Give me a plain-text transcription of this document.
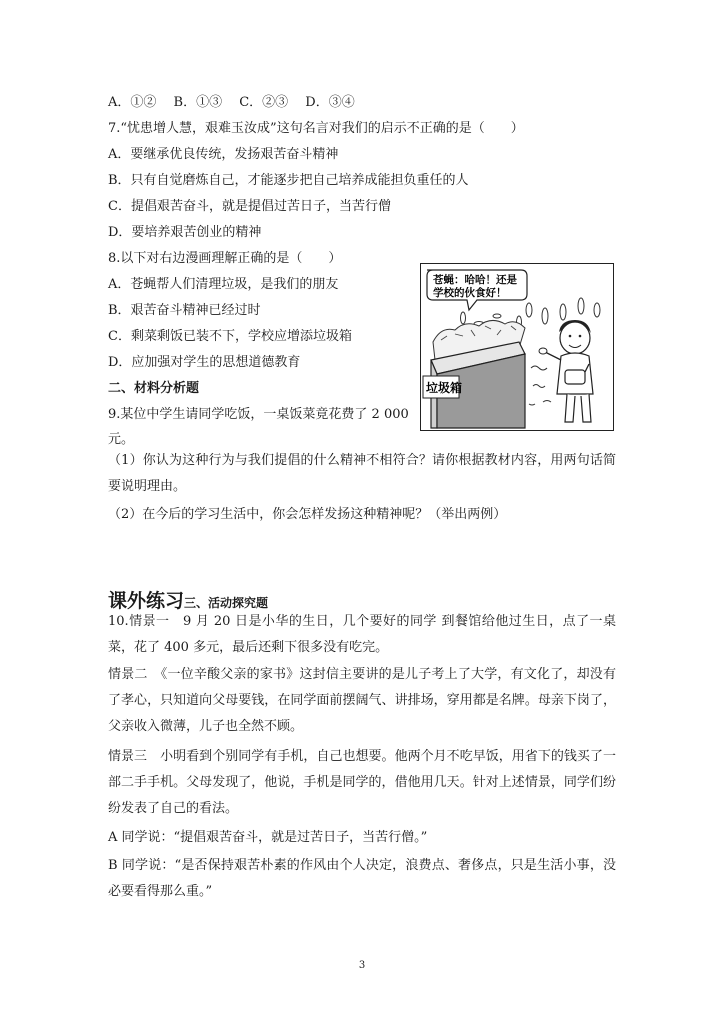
A．①②　 B．①③　 C．②③　 D．③④
7.“忧患增人慧，艰难玉汝成”这句名言对我们的启示不正确的是（　　）
A．要继承优良传统，发扬艰苦奋斗精神
B．只有自觉磨炼自己，才能逐步把自己培养成能担负重任的人
C．提倡艰苦奋斗，就是提倡过苦日子，当苦行僧
D．要培养艰苦创业的精神
8.以下对右边漫画理解正确的是（　　）
A．苍蝇帮人们清理垃圾，是我们的朋友
B．艰苦奋斗精神已经过时
C．剩菜剩饭已装不下，学校应增添垃圾箱
D．应加强对学生的思想道德教育
苍蝇：哈哈！还是
学校的伙食好！
垃圾箱
二、材料分析题
9.某位中学生请同学吃饭，一桌饭菜竟花费了 2 000
元。
（1）你认为这种行为与我们提倡的什么精神不相符合？请你根据教材内容，用两句话简要说明理由。
（2）在今后的学习生活中，你会怎样发扬这种精神呢？（举出两例）
课外练习三、活动探究题
10.情景一　9 月 20 日是小华的生日，几个要好的同学 到餐馆给他过生日，点了一桌菜，花了 400 多元，最后还剩下很多没有吃完。
情景二　《一位辛酸父亲的家书》这封信主要讲的是儿子考上了大学，有文化了，却没有了孝心，只知道向父母要钱，在同学面前摆阔气、讲排场，穿用都是名牌。母亲下岗了，父亲收入微薄，儿子也全然不顾。
情景三　小明看到个别同学有手机，自己也想要。他两个月不吃早饭，用省下的钱买了一部二手手机。父母发现了，他说，手机是同学的，借他用几天。针对上述情景，同学们纷纷发表了自己的看法。
A 同学说：“提倡艰苦奋斗，就是过苦日子，当苦行僧。”
B 同学说：“是否保持艰苦朴素的作风由个人决定，浪费点、奢侈点，只是生活小事，没必要看得那么重。”
3
